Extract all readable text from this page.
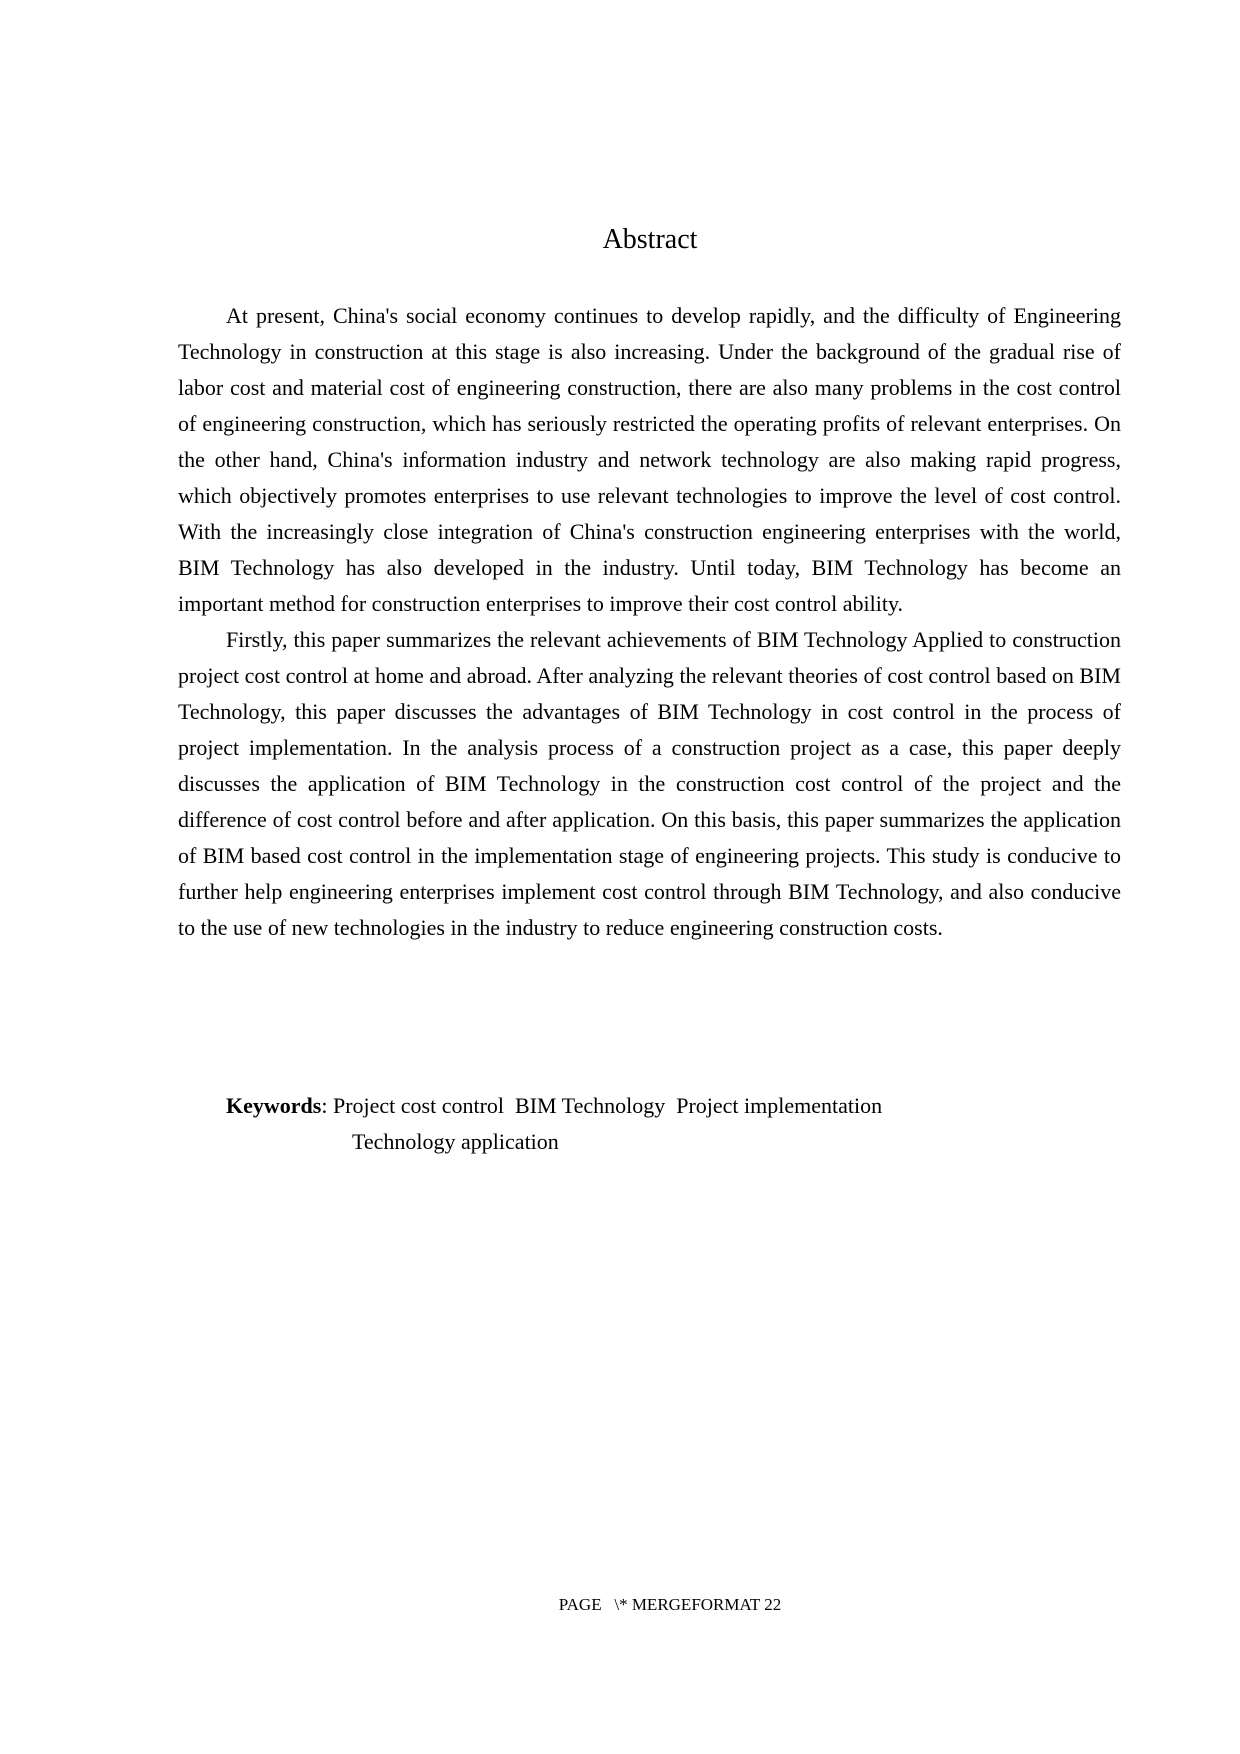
Abstract

At present, China's social economy continues to develop rapidly, and the difficulty of Engineering Technology in construction at this stage is also increasing. Under the background of the gradual rise of labor cost and material cost of engineering construction, there are also many problems in the cost control of engineering construction, which has seriously restricted the operating profits of relevant enterprises. On the other hand, China's information industry and network technology are also making rapid progress, which objectively promotes enterprises to use relevant technologies to improve the level of cost control. With the increasingly close integration of China's construction engineering enterprises with the world, BIM Technology has also developed in the industry. Until today, BIM Technology has become an important method for construction enterprises to improve their cost control ability.

Firstly, this paper summarizes the relevant achievements of BIM Technology Applied to construction project cost control at home and abroad. After analyzing the relevant theories of cost control based on BIM Technology, this paper discusses the advantages of BIM Technology in cost control in the process of project implementation. In the analysis process of a construction project as a case, this paper deeply discusses the application of BIM Technology in the construction cost control of the project and the difference of cost control before and after application. On this basis, this paper summarizes the application of BIM based cost control in the implementation stage of engineering projects. This study is conducive to further help engineering enterprises implement cost control through BIM Technology, and also conducive to the use of new technologies in the industry to reduce engineering construction costs.

Keywords: Project cost control  BIM Technology  Project implementation
Technology application
PAGE   \* MERGEFORMAT 22
